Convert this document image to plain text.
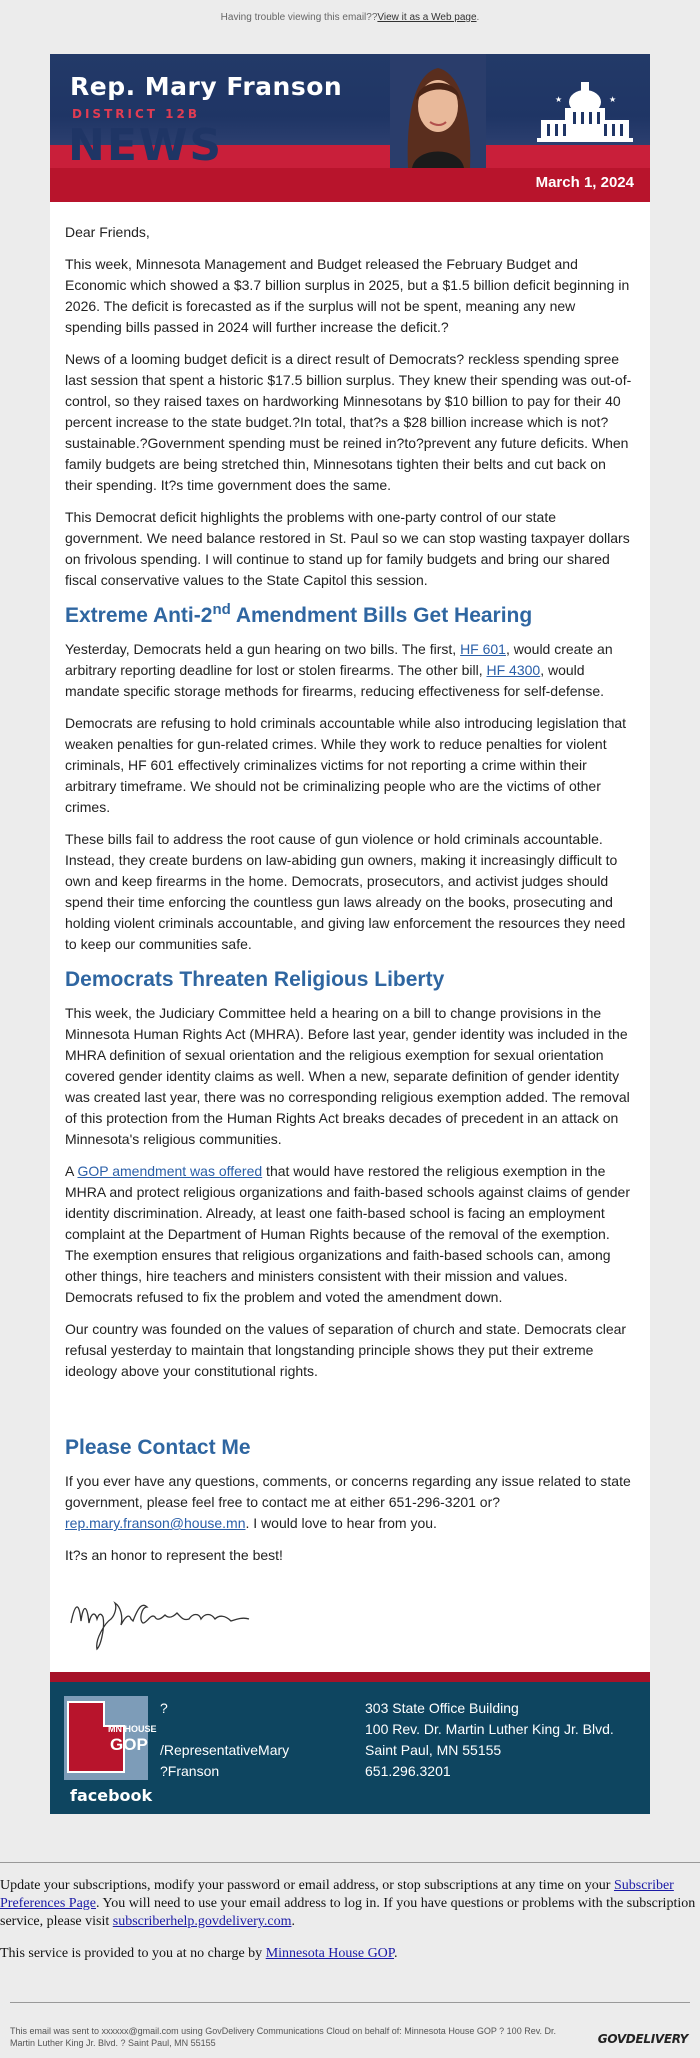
Having trouble viewing this email??View it as a Web page.
Rep. Mary Franson
DISTRICT 12B
NEWS
★	★
March 1, 2024

Dear Friends,

This week, Minnesota Management and Budget released the February Budget and Economic which showed a $3.7 billion surplus in 2025, but a $1.5 billion deficit beginning in 2026. The deficit is forecasted as if the surplus will not be spent, meaning any new spending bills passed in 2024 will further increase the deficit.?

News of a looming budget deficit is a direct result of Democrats? reckless spending spree last session that spent a historic $17.5 billion surplus. They knew their spending was out-of-control, so they raised taxes on hardworking Minnesotans by $10 billion to pay for their 40 percent increase to the state budget.?In total, that?s a $28 billion increase which is not?sustainable.?Government spending must be reined in?to?prevent any future deficits. When family budgets are being stretched thin, Minnesotans tighten their belts and cut back on their spending. It?s time government does the same.

This Democrat deficit highlights the problems with one-party control of our state government. We need balance restored in St. Paul so we can stop wasting taxpayer dollars on frivolous spending. I will continue to stand up for family budgets and bring our shared fiscal conservative values to the State Capitol this session.

Extreme Anti-2nd Amendment Bills Get Hearing

Yesterday, Democrats held a gun hearing on two bills. The first, HF 601, would create an arbitrary reporting deadline for lost or stolen firearms. The other bill, HF 4300, would mandate specific storage methods for firearms, reducing effectiveness for self-defense.

Democrats are refusing to hold criminals accountable while also introducing legislation that weaken penalties for gun-related crimes. While they work to reduce penalties for violent criminals, HF 601 effectively criminalizes victims for not reporting a crime within their arbitrary timeframe. We should not be criminalizing people who are the victims of other crimes.

These bills fail to address the root cause of gun violence or hold criminals accountable. Instead, they create burdens on law-abiding gun owners, making it increasingly difficult to own and keep firearms in the home. Democrats, prosecutors, and activist judges should spend their time enforcing the countless gun laws already on the books, prosecuting and holding violent criminals accountable, and giving law enforcement the resources they need to keep our communities safe.

Democrats Threaten Religious Liberty

This week, the Judiciary Committee held a hearing on a bill to change provisions in the Minnesota Human Rights Act (MHRA). Before last year, gender identity was included in the MHRA definition of sexual orientation and the religious exemption for sexual orientation covered gender identity claims as well. When a new, separate definition of gender identity was created last year, there was no corresponding religious exemption added. The removal of this protection from the Human Rights Act breaks decades of precedent in an attack on Minnesota's religious communities.

A GOP amendment was offered that would have restored the religious exemption in the MHRA and protect religious organizations and faith-based schools against claims of gender identity discrimination. Already, at least one faith-based school is facing an employment complaint at the Department of Human Rights because of the removal of the exemption. The exemption ensures that religious organizations and faith-based schools can, among other things, hire teachers and ministers consistent with their mission and values. Democrats refused to fix the problem and voted the amendment down.

Our country was founded on the values of separation of church and state. Democrats clear refusal yesterday to maintain that longstanding principle shows they put their extreme ideology above your constitutional rights.

Please Contact Me

If you ever have any questions, comments, or concerns regarding any issue related to state government, please feel free to contact me at either 651-296-3201 or?rep.mary.franson@house.mn. I would love to hear from you.

It?s an honor to represent the best!

MN HOUSE
GOP
facebook
?
/RepresentativeMary
?Franson
303 State Office Building
100 Rev. Dr. Martin Luther King Jr. Blvd.
Saint Paul, MN 55155
651.296.3201

Update your subscriptions, modify your password or email address, or stop subscriptions at any time on your Subscriber Preferences Page. You will need to use your email address to log in. If you have questions or problems with the subscription service, please visit subscriberhelp.govdelivery.com.

This service is provided to you at no charge by Minnesota House GOP.

This email was sent to xxxxxx@gmail.com using GovDelivery Communications Cloud on behalf of: Minnesota House GOP ? 100 Rev. Dr. Martin Luther King Jr. Blvd. ? Saint Paul, MN 55155	GOVDELIVERY
